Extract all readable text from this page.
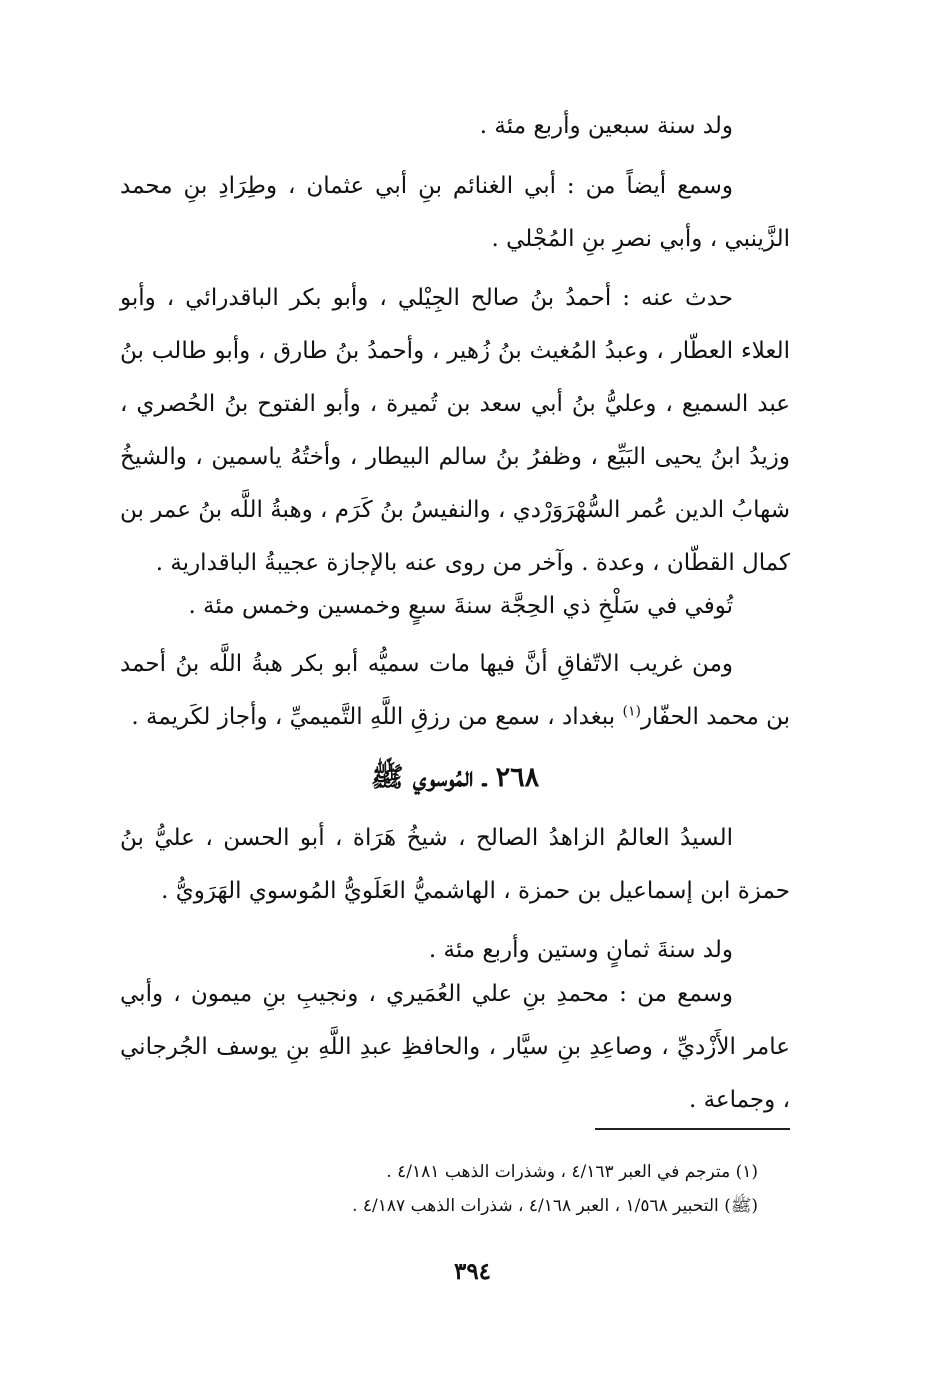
ولد سنة سبعين وأربع مئة .

وسمع أيضاً من : أبي الغنائم بنِ أبي عثمان ، وطِرَادِ بنِ محمد الزَّينبي ، وأبي نصرِ بنِ المُجْلي .

حدث عنه : أحمدُ بنُ صالح الجِيْلي ، وأبو بكر الباقدرائي ، وأبو العلاء العطّار ، وعبدُ المُغيث بنُ زُهير ، وأحمدُ بنُ طارق ، وأبو طالب بنُ عبد السميع ، وعليُّ بنُ أبي سعد بن تُميرة ، وأبو الفتوح بنُ الحُصري ، وزيدُ ابنُ يحيى البَيِّع ، وظفرُ بنُ سالم البيطار ، وأختُهُ ياسمين ، والشيخُ شهابُ الدين عُمر السُّهْرَوَرْدي ، والنفيسُ بنُ كَرَم ، وهبةُ اللَّه بنُ عمر بن كمال القطّان ، وعدة . وآخر من روى عنه بالإجازة عجيبةُ الباقدارية .

تُوفي في سَلْخِ ذي الحِجَّة سنةَ سبعٍ وخمسين وخمس مئة .

ومن غريب الاتّفاقِ أنَّ فيها مات سميُّه أبو بكر هبةُ اللَّه بنُ أحمد بن محمد الحفّار$^{(١)}$ ببغداد ، سمع من رزقِ اللَّهِ التَّميميِّ ، وأجاز لكَريمة .

٢٦٨ ـ المُوسوي ﷺ

السيدُ العالمُ الزاهدُ الصالح ، شيخُ هَرَاة ، أبو الحسن ، عليُّ بنُ حمزة ابن إسماعيل بن حمزة ، الهاشميُّ العَلَويُّ المُوسوي الهَرَويُّ .

ولد سنةَ ثمانٍ وستين وأربع مئة .

وسمع من : محمدِ بنِ علي العُمَيري ، ونجيبِ بنِ ميمون ، وأبي عامر الأَزْديِّ ، وصاعِدِ بنِ سيَّار ، والحافظِ عبدِ اللَّهِ بنِ يوسف الجُرجاني ، وجماعة .

(١) مترجم في العبر ٤/١٦٣ ، وشذرات الذهب ٤/١٨١ .
(ﷺ) التحبير ١/٥٦٨ ، العبر ٤/١٦٨ ، شذرات الذهب ٤/١٨٧ .
٣٩٤
